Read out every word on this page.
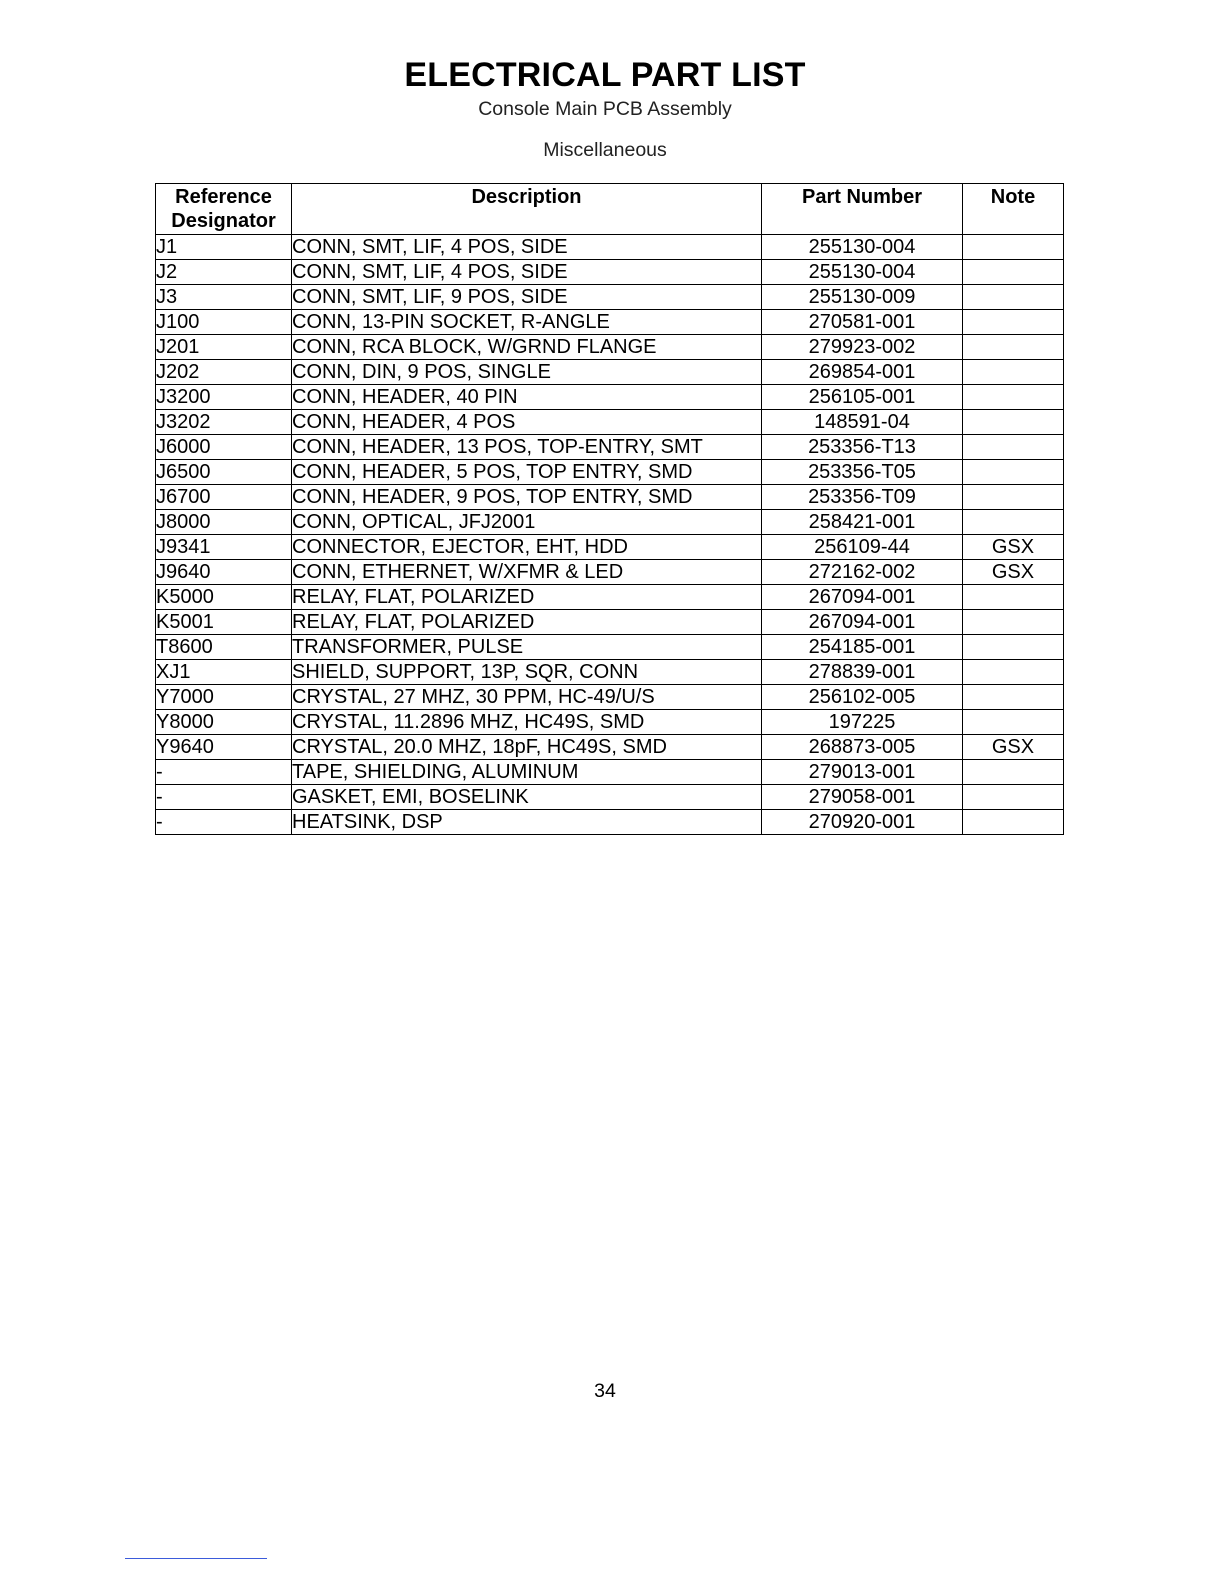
ELECTRICAL PART LIST
Console Main PCB Assembly
Miscellaneous
Reference
Designator	Description	Part Number	Note
J1	CONN, SMT, LIF, 4 POS, SIDE	255130-004	
J2	CONN, SMT, LIF, 4 POS, SIDE	255130-004	
J3	CONN, SMT, LIF, 9 POS, SIDE	255130-009	
J100	CONN, 13-PIN SOCKET, R-ANGLE	270581-001	
J201	CONN, RCA BLOCK, W/GRND FLANGE	279923-002	
J202	CONN, DIN, 9 POS, SINGLE	269854-001	
J3200	CONN, HEADER, 40 PIN	256105-001	
J3202	CONN, HEADER, 4 POS	148591-04	
J6000	CONN, HEADER, 13 POS, TOP-ENTRY, SMT	253356-T13	
J6500	CONN, HEADER, 5 POS, TOP ENTRY, SMD	253356-T05	
J6700	CONN, HEADER, 9 POS, TOP ENTRY, SMD	253356-T09	
J8000	CONN, OPTICAL, JFJ2001	258421-001	
J9341	CONNECTOR, EJECTOR, EHT, HDD	256109-44	GSX
J9640	CONN, ETHERNET, W/XFMR & LED	272162-002	GSX
K5000	RELAY, FLAT, POLARIZED	267094-001	
K5001	RELAY, FLAT, POLARIZED	267094-001	
T8600	TRANSFORMER, PULSE	254185-001	
XJ1	SHIELD, SUPPORT, 13P, SQR, CONN	278839-001	
Y7000	CRYSTAL, 27 MHZ, 30 PPM, HC-49/U/S	256102-005	
Y8000	CRYSTAL, 11.2896 MHZ, HC49S, SMD	197225	
Y9640	CRYSTAL, 20.0 MHZ, 18pF, HC49S, SMD	268873-005	GSX
-	TAPE, SHIELDING, ALUMINUM	279013-001	
-	GASKET, EMI, BOSELINK	279058-001	
-	HEATSINK, DSP	270920-001	
34
